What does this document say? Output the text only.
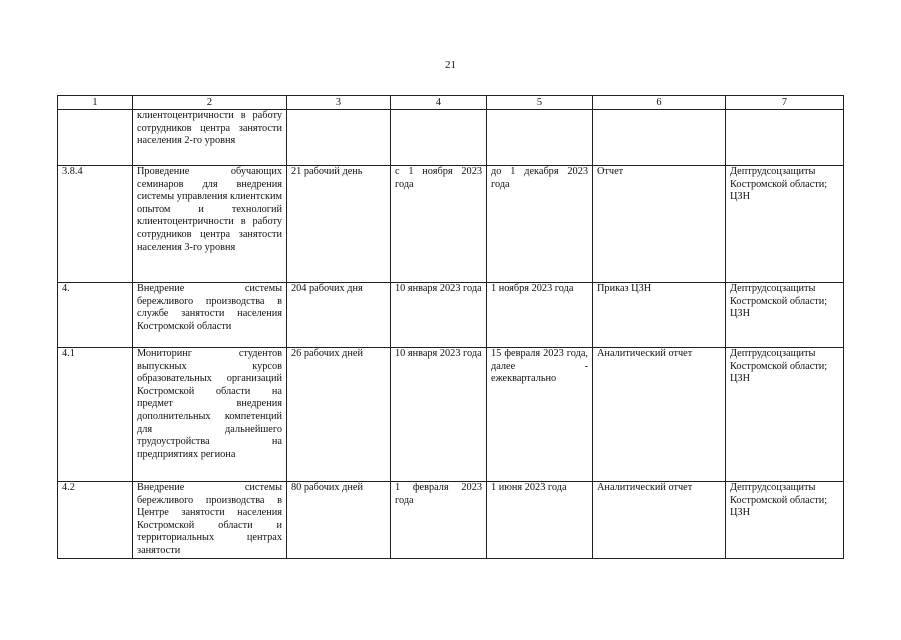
21
1	2	3	4	5	6	7
	клиентоцентричности в работу сотрудников центра занятости населения 2-го уровня					
3.8.4	Проведение обучающих семинаров для внедрения системы управления клиентским опытом и технологий клиентоцентричности в работу сотрудников центра занятости населения 3-го уровня	21 рабочий день	с 1 ноября 2023 года	до 1 декабря 2023 года	Отчет	Дептрудсоцзащиты Костромской области; ЦЗН
4.	Внедрение системы бережливого производства в службе занятости населения Костромской области	204 рабочих дня	10 января 2023 года	1 ноября 2023 года	Приказ ЦЗН	Дептрудсоцзащиты Костромской области; ЦЗН
4.1	Мониторинг студентов выпускных курсов образовательных организаций Костромской области на предмет внедрения дополнительных компетенций для дальнейшего трудоустройства на предприятиях региона	26 рабочих дней	10 января 2023 года	15 февраля 2023 года, далее - ежеквартально	Аналитический отчет	Дептрудсоцзащиты Костромской области; ЦЗН
4.2	Внедрение системы бережливого производства в Центре занятости населения Костромской области и территориальных центрах занятости	80 рабочих дней	1 февраля 2023 года	1 июня 2023 года	Аналитический отчет	Дептрудсоцзащиты Костромской области; ЦЗН
